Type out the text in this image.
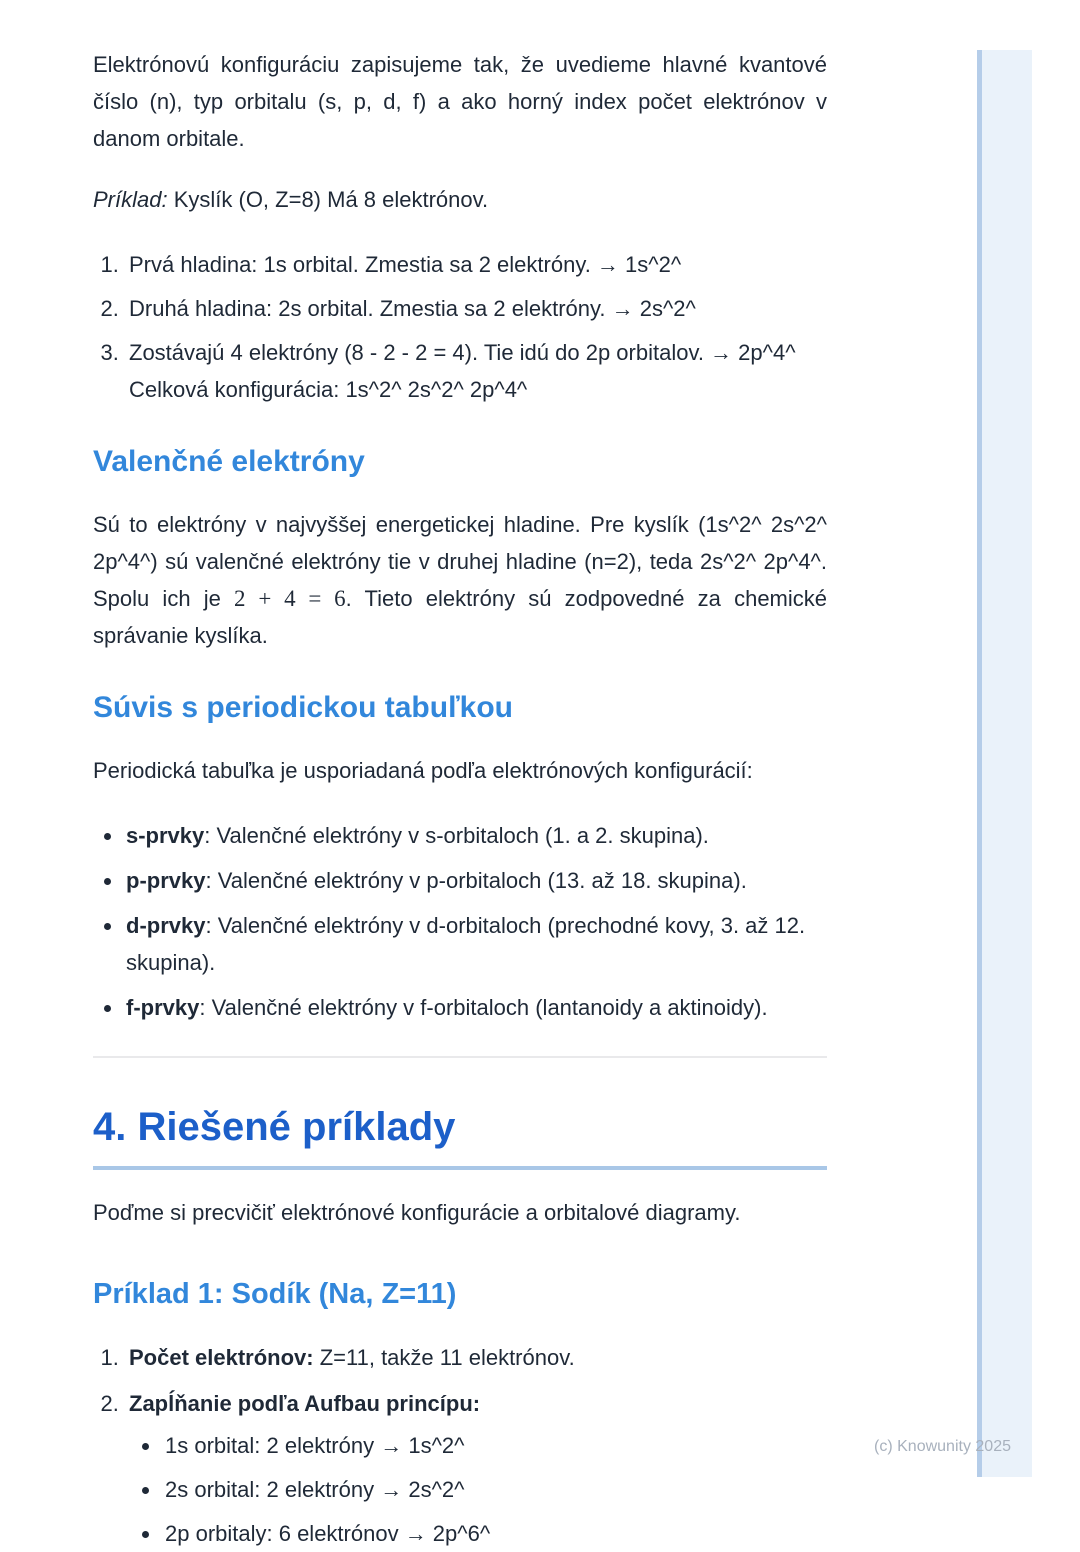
Elektrónovú konfiguráciu zapisujeme tak, že uvedieme hlavné kvantové číslo (n), typ orbitalu (s, p, d, f) a ako horný index počet elektrónov v danom orbitale.

Príklad: Kyslík (O, Z=8) Má 8 elektrónov.

1. Prvá hladina: 1s orbital. Zmestia sa 2 elektróny. → 1s^2^
2. Druhá hladina: 2s orbital. Zmestia sa 2 elektróny. → 2s^2^
3. Zostávajú 4 elektróny (8 - 2 - 2 = 4). Tie idú do 2p orbitalov. → 2p^4^
Celková konfigurácia: 1s^2^ 2s^2^ 2p^4^
Valenčné elektróny

Sú to elektróny v najvyššej energetickej hladine. Pre kyslík (1s^2^ 2s^2^ 2p^4^) sú valenčné elektróny tie v druhej hladine (n=2), teda 2s^2^ 2p^4^. Spolu ich je 2 + 4 = 6. Tieto elektróny sú zodpovedné za chemické správanie kyslíka.

Súvis s periodickou tabuľkou

Periodická tabuľka je usporiadaná podľa elektrónových konfigurácií:

• s-prvky: Valenčné elektróny v s-orbitaloch (1. a 2. skupina).
• p-prvky: Valenčné elektróny v p-orbitaloch (13. až 18. skupina).
• d-prvky: Valenčné elektróny v d-orbitaloch (prechodné kovy, 3. až 12. skupina).
• f-prvky: Valenčné elektróny v f-orbitaloch (lantanoidy a aktinoidy).
4. Riešené príklady

Poďme si precvičiť elektrónové konfigurácie a orbitalové diagramy.

Príklad 1: Sodík (Na, Z=11)
1. Počet elektrónov: Z=11, takže 11 elektrónov.
2. Zapĺňanie podľa Aufbau princípu:
• 1s orbital: 2 elektróny → 1s^2^
• 2s orbital: 2 elektróny → 2s^2^
• 2p orbitaly: 6 elektrónov → 2p^6^
(c) Knowunity 2025
